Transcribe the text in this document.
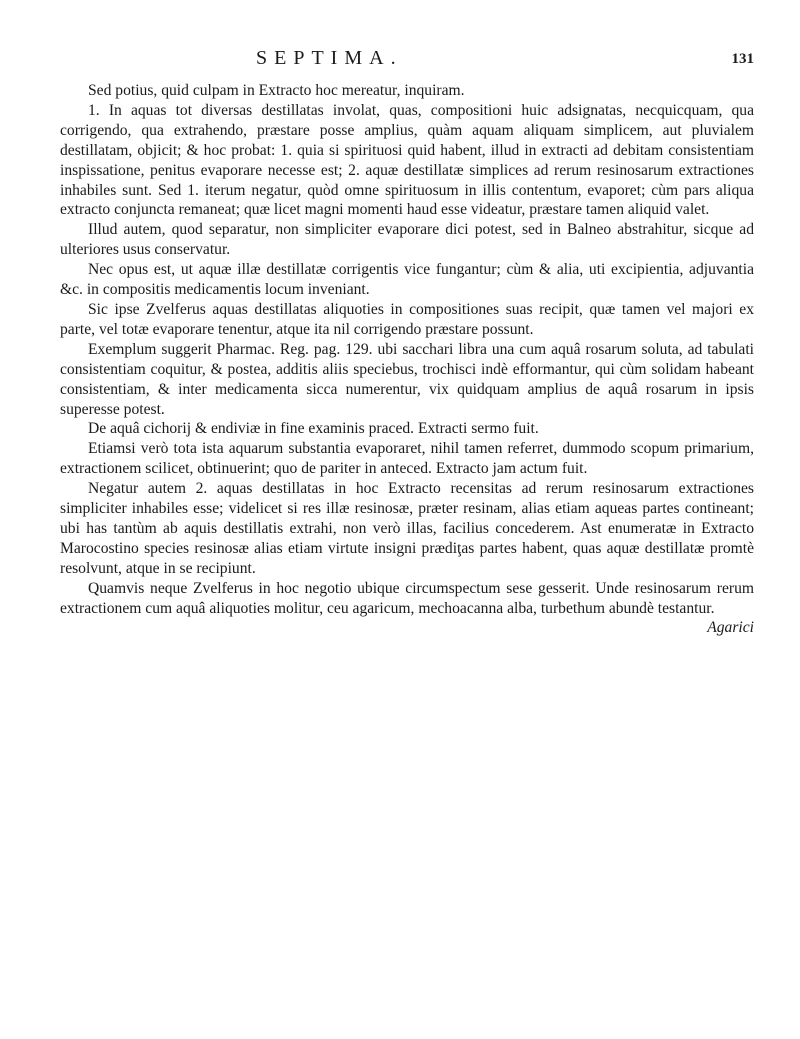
SEPTIMA.	131

Sed potius, quid culpam in Extracto hoc mereatur, inquiram.

1. In aquas tot diversas destillatas involat, quas, compositioni huic adsignatas, necquicquam, qua corrigendo, qua extrahendo, præstare posse amplius, quàm aquam aliquam simplicem, aut pluvialem destillatam, objicit; & hoc probat: 1. quia si spirituosi quid habent, illud in extracti ad debitam consistentiam inspissatione, penitus evaporare necesse est; 2. aquæ destillatæ simplices ad rerum resinosarum extractiones inhabiles sunt. Sed 1. iterum negatur, quòd omne spirituosum in illis contentum, evaporet; cùm pars aliqua extracto conjuncta remaneat; quæ licet magni momenti haud esse videatur, præstare tamen aliquid valet.

Illud autem, quod separatur, non simpliciter evaporare dici potest, sed in Balneo abstrahitur, sicque ad ulteriores usus conservatur.

Nec opus est, ut aquæ illæ destillatæ corrigentis vice fungantur; cùm & alia, uti excipientia, adjuvantia &c. in compositis medicamentis locum inveniant.

Sic ipse Zvelferus aquas destillatas aliquoties in compositiones suas recipit, quæ tamen vel majori ex parte, vel totæ evaporare tenentur, atque ita nil corrigendo præstare possunt.

Exemplum suggerit Pharmac. Reg. pag. 129. ubi sacchari libra una cum aquâ rosarum soluta, ad tabulati consistentiam coquitur, & postea, additis aliis speciebus, trochisci indè efformantur, qui cùm solidam habeant consistentiam, & inter medicamenta sicca numerentur, vix quidquam amplius de aquâ rosarum in ipsis superesse potest.

De aquâ cichorij & endiviæ in fine examinis praced. Extracti sermo fuit.

Etiamsi verò tota ista aquarum substantia evaporaret, nihil tamen referret, dummodo scopum primarium, extractionem scilicet, obtinuerint; quo de pariter in anteced. Extracto jam actum fuit.

Negatur autem 2. aquas destillatas in hoc Extracto recensitas ad rerum resinosarum extractiones simpliciter inhabiles esse; videlicet si res illæ resinosæ, præter resinam, alias etiam aqueas partes contineant; ubi has tantùm ab aquis destillatis extrahi, non verò illas, facilius concederem. Ast enumeratæ in Extracto Marocostino species resinosæ alias etiam virtute insigni prædiţas partes habent, quas aquæ destillatæ promtè resolvunt, atque in se recipiunt.

Quamvis neque Zvelferus in hoc negotio ubique circumspectum sese gesserit. Unde resinosarum rerum extractionem cum aquâ aliquoties molitur, ceu agaricum, mechoacanna alba, turbethum abundè testantur.

Agarici
